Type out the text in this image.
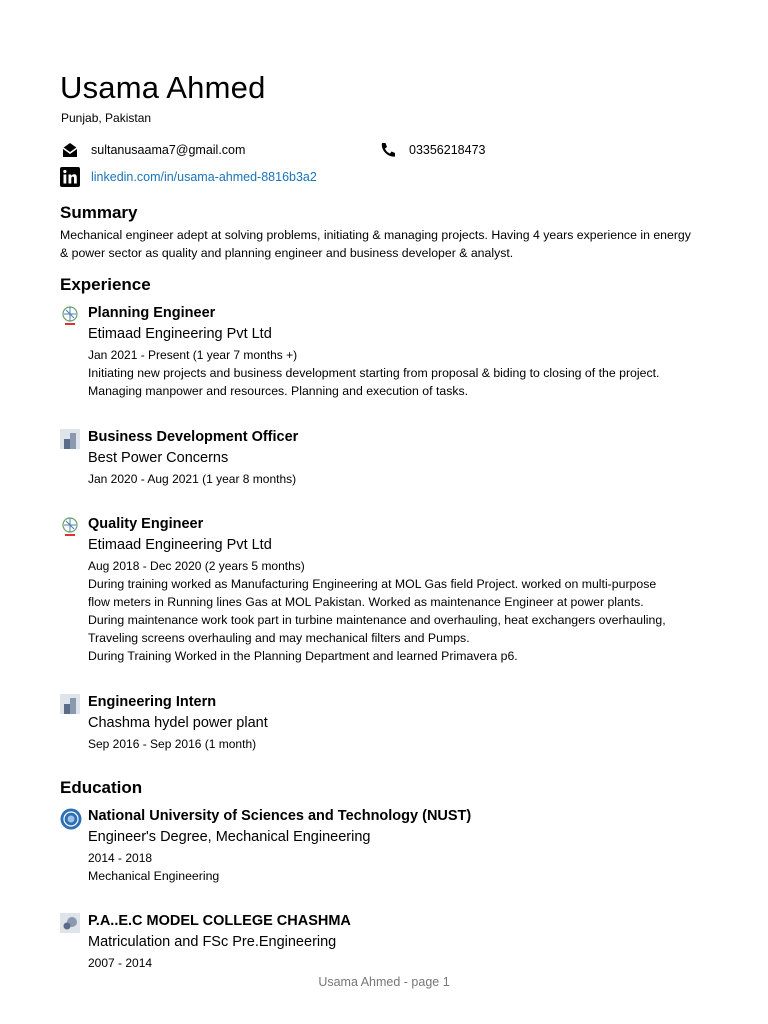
Usama Ahmed
Punjab, Pakistan
sultanusaama7@gmail.com	03356218473
linkedin.com/in/usama-ahmed-8816b3a2
Summary
Mechanical engineer adept at solving problems, initiating & managing projects. Having 4 years experience in energy & power sector as quality and planning engineer and business developer & analyst.
Experience
Planning Engineer
Etimaad Engineering Pvt Ltd
Jan 2021 - Present (1 year 7 months +)
Initiating new projects and business development starting from proposal & biding to closing of the project. Managing manpower and resources. Planning and execution of tasks.
Business Development Officer
Best Power Concerns
Jan 2020 - Aug 2021 (1 year 8 months)
Quality Engineer
Etimaad Engineering Pvt Ltd
Aug 2018 - Dec 2020 (2 years 5 months)
During training worked as Manufacturing Engineering at MOL Gas field Project. worked on multi-purpose flow meters in Running lines Gas at MOL Pakistan. Worked as maintenance Engineer at power plants. During maintenance work took part in turbine maintenance and overhauling, heat exchangers overhauling, Traveling screens overhauling and may mechanical filters and Pumps.
During Training Worked in the Planning Department and learned Primavera p6.
Engineering Intern
Chashma hydel power plant
Sep 2016 - Sep 2016 (1 month)
Education
National University of Sciences and Technology (NUST)
Engineer's Degree, Mechanical Engineering
2014 - 2018
Mechanical Engineering
P.A..E.C MODEL COLLEGE CHASHMA
Matriculation and FSc Pre.Engineering
2007 - 2014
Usama Ahmed - page 1
